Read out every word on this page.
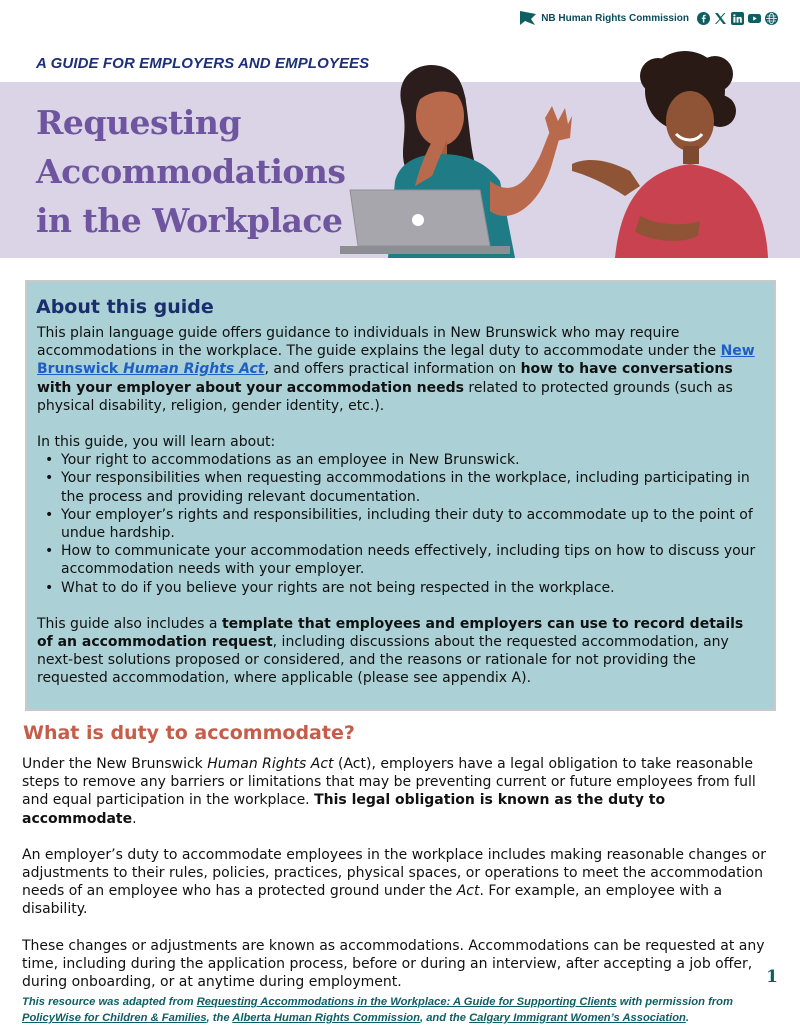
NB Human Rights Commission
A GUIDE FOR EMPLOYERS AND EMPLOYEES
Requesting
Accommodations
in the Workplace
About this guide

This plain language guide offers guidance to individuals in New Brunswick who may require accommodations in the workplace. The guide explains the legal duty to accommodate under the New Brunswick Human Rights Act, and offers practical information on how to have conversations with your employer about your accommodation needs related to protected grounds (such as physical disability, religion, gender identity, etc.).

In this guide, you will learn about:
• Your right to accommodations as an employee in New Brunswick.
• Your responsibilities when requesting accommodations in the workplace, including participating in the process and providing relevant documentation.
• Your employer’s rights and responsibilities, including their duty to accommodate up to the point of undue hardship.
• How to communicate your accommodation needs effectively, including tips on how to discuss your accommodation needs with your employer.
• What to do if you believe your rights are not being respected in the workplace.

This guide also includes a template that employees and employers can use to record details of an accommodation request, including discussions about the requested accommodation, any next-best solutions proposed or considered, and the reasons or rationale for not providing the requested accommodation, where applicable (please see appendix A).

What is duty to accommodate?

Under the New Brunswick Human Rights Act (Act), employers have a legal obligation to take reasonable steps to remove any barriers or limitations that may be preventing current or future employees from full and equal participation in the workplace. This legal obligation is known as the duty to accommodate.

An employer’s duty to accommodate employees in the workplace includes making reasonable changes or adjustments to their rules, policies, practices, physical spaces, or operations to meet the accommodation needs of an employee who has a protected ground under the Act. For example, an employee with a disability.

These changes or adjustments are known as accommodations. Accommodations can be requested at any time, including during the application process, before or during an interview, after accepting a job offer, during onboarding, or at anytime during employment.	1
This resource was adapted from Requesting Accommodations in the Workplace: A Guide for Supporting Clients with permission from PolicyWise for Children & Families, the Alberta Human Rights Commission, and the Calgary Immigrant Women’s Association.
